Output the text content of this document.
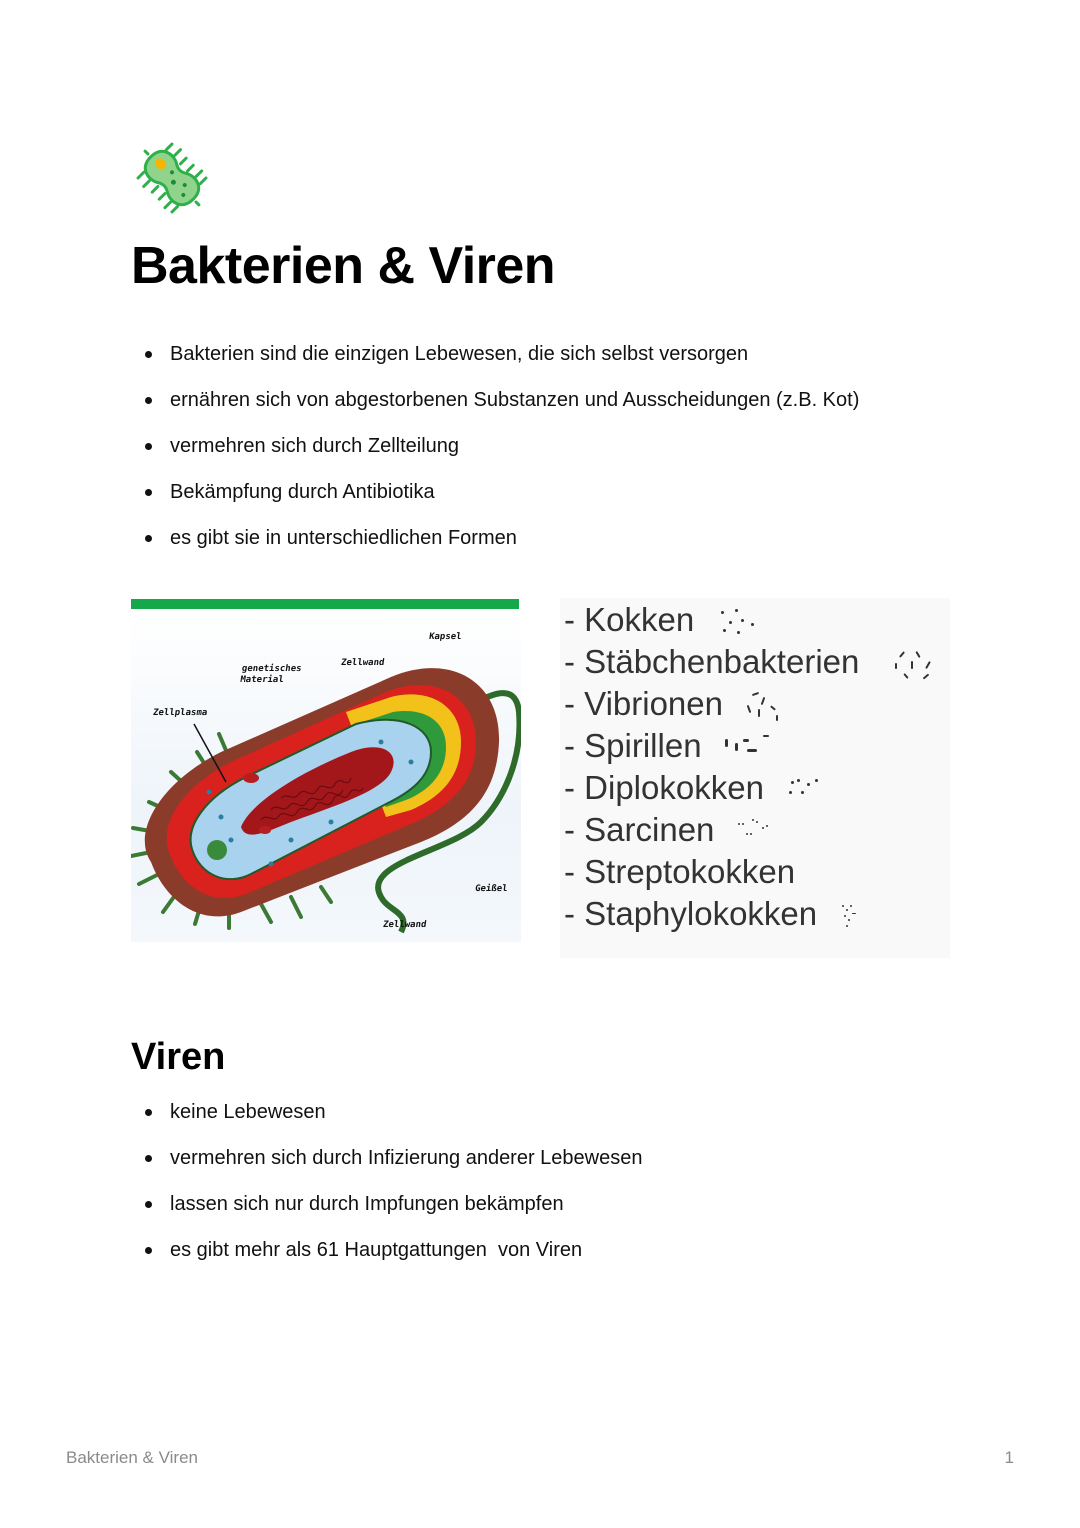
Bakterien & Viren
Bakterien sind die einzigen Lebewesen, die sich selbst versorgen
ernähren sich von abgestorbenen Substanzen und Ausscheidungen (z.B. Kot)
vermehren sich durch Zellteilung
Bekämpfung durch Antibiotika
es gibt sie in unterschiedlichen Formen
Kapsel
Zellwand
genetisches Material
Zellplasma
Geißel
Zellwand
- Kokken
- Stäbchenbakterien
- Vibrionen
- Spirillen
- Diplokokken
- Sarcinen
- Streptokokken
- Staphylokokken
Viren
keine Lebewesen
vermehren sich durch Infizierung anderer Lebewesen
lassen sich nur durch Impfungen bekämpfen
es gibt mehr als 61 Hauptgattungen  von Viren
Bakterien & Viren	1
